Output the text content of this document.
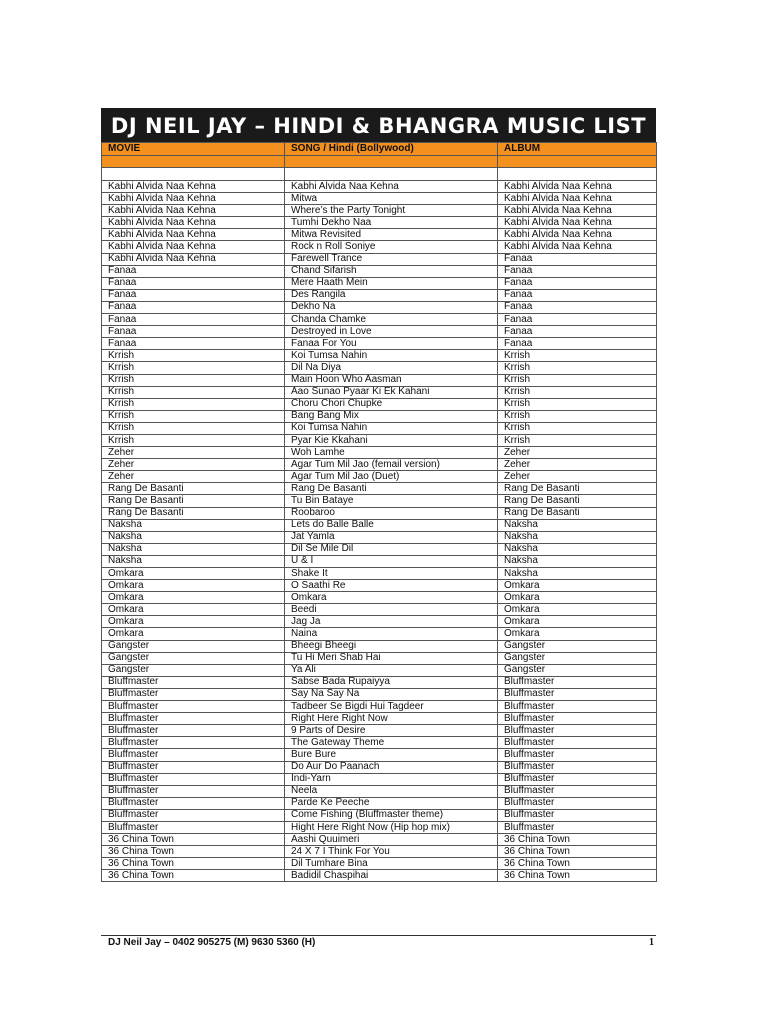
DJ NEIL JAY – HINDI & BHANGRA MUSIC LIST
MOVIE	SONG / Hindi (Bollywood)	ALBUM

Kabhi Alvida Naa Kehna	Kabhi Alvida Naa Kehna	Kabhi Alvida Naa Kehna
Kabhi Alvida Naa Kehna	Mitwa	Kabhi Alvida Naa Kehna
Kabhi Alvida Naa Kehna	Where’s the Party Tonight	Kabhi Alvida Naa Kehna
Kabhi Alvida Naa Kehna	Tumhi Dekho Naa	Kabhi Alvida Naa Kehna
Kabhi Alvida Naa Kehna	Mitwa Revisited	Kabhi Alvida Naa Kehna
Kabhi Alvida Naa Kehna	Rock n Roll Soniye	Kabhi Alvida Naa Kehna
Kabhi Alvida Naa Kehna	Farewell Trance	Fanaa
Fanaa	Chand Sifarish	Fanaa
Fanaa	Mere Haath Mein	Fanaa
Fanaa	Des Rangila	Fanaa
Fanaa	Dekho Na	Fanaa
Fanaa	Chanda Chamke	Fanaa
Fanaa	Destroyed in Love	Fanaa
Fanaa	Fanaa For You	Fanaa
Krrish	Koi Tumsa Nahin	Krrish
Krrish	Dil Na Diya	Krrish
Krrish	Main Hoon Who Aasman	Krrish
Krrish	Aao Sunao Pyaar Ki Ek Kahani	Krrish
Krrish	Choru Chori Chupke	Krrish
Krrish	Bang Bang Mix	Krrish
Krrish	Koi Tumsa Nahin	Krrish
Krrish	Pyar Kie Kkahani	Krrish
Zeher	Woh Lamhe	Zeher
Zeher	Agar Tum Mil Jao (femail version)	Zeher
Zeher	Agar Tum Mil Jao (Duet)	Zeher
Rang De Basanti	Rang De Basanti	Rang De Basanti
Rang De Basanti	Tu Bin Bataye	Rang De Basanti
Rang De Basanti	Roobaroo	Rang De Basanti
Naksha	Lets do Balle Balle	Naksha
Naksha	Jat Yamla	Naksha
Naksha	Dil Se Mile Dil	Naksha
Naksha	U & I	Naksha
Omkara	Shake It	Naksha
Omkara	O Saathi Re	Omkara
Omkara	Omkara	Omkara
Omkara	Beedi	Omkara
Omkara	Jag Ja	Omkara
Omkara	Naina	Omkara
Gangster	Bheegi Bheegi	Gangster
Gangster	Tu Hi Meri Shab Hai	Gangster
Gangster	Ya Ali	Gangster
Bluffmaster	Sabse Bada Rupaiyya	Bluffmaster
Bluffmaster	Say Na Say Na	Bluffmaster
Bluffmaster	Tadbeer Se Bigdi Hui Tagdeer	Bluffmaster
Bluffmaster	Right Here Right Now	Bluffmaster
Bluffmaster	9 Parts of Desire	Bluffmaster
Bluffmaster	The Gateway Theme	Bluffmaster
Bluffmaster	Bure Bure	Bluffmaster
Bluffmaster	Do Aur Do Paanach	Bluffmaster
Bluffmaster	Indi-Yarn	Bluffmaster
Bluffmaster	Neela	Bluffmaster
Bluffmaster	Parde Ke Peeche	Bluffmaster
Bluffmaster	Come Fishing (Bluffmaster theme)	Bluffmaster
Bluffmaster	Hight Here Right Now (Hip hop mix)	Bluffmaster
36 China Town	Aashi Quuimeri	36 China Town
36 China Town	24 X 7 I Think For You	36 China Town
36 China Town	Dil Tumhare Bina	36 China Town
36 China Town	Badidil Chaspihai	36 China Town
DJ Neil Jay – 0402 905275 (M) 9630 5360 (H)	1
